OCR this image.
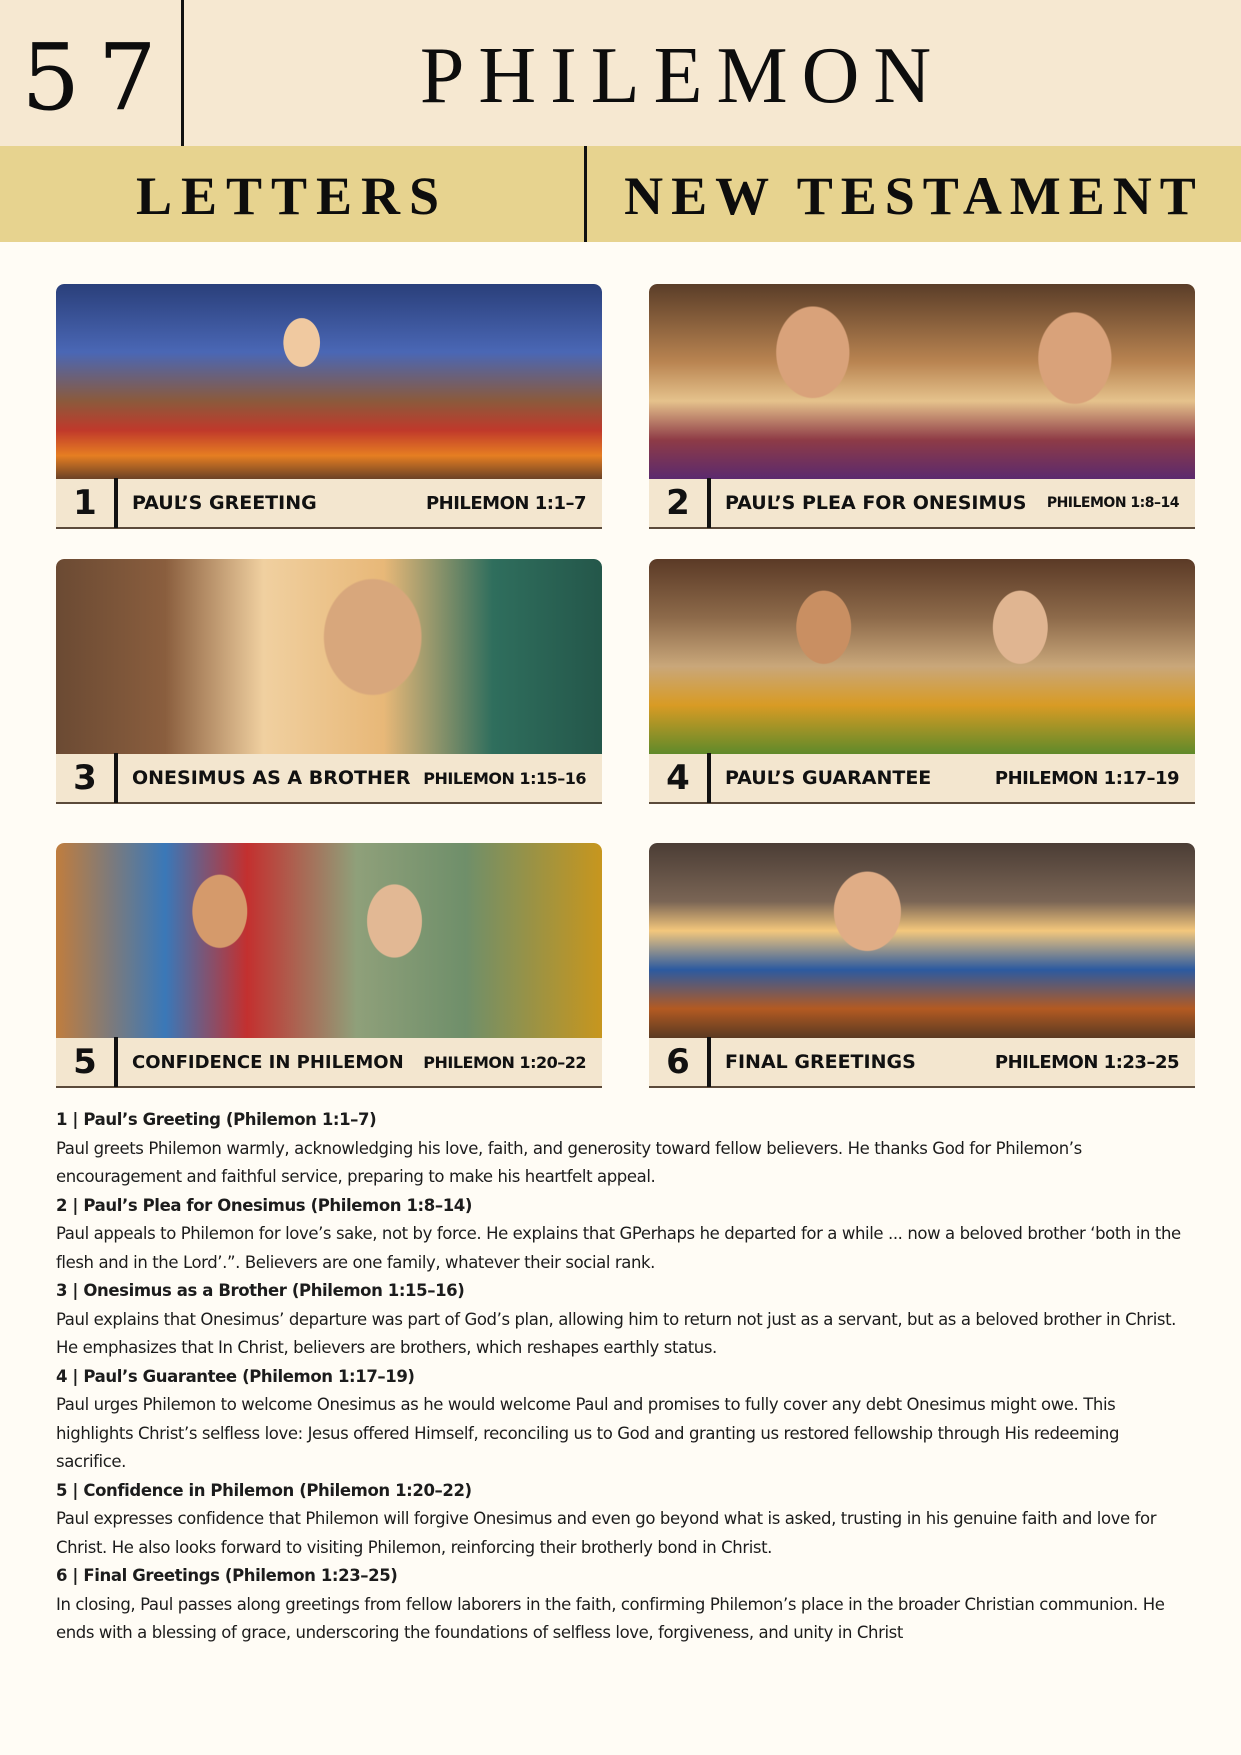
57	PHILEMON
LETTERS	NEW TESTAMENT
1	PAUL’S GREETING	PHILEMON 1:1–7	2	PAUL’S PLEA FOR ONESIMUS	PHILEMON 1:8–14
3	ONESIMUS AS A BROTHER PHILEMON 1:15–16	4	PAUL’S GUARANTEE	PHILEMON 1:17–19
5	CONFIDENCE IN PHILEMON	PHILEMON 1:20–22	6	FINAL GREETINGS	PHILEMON 1:23–25
1 | Paul’s Greeting (Philemon 1:1–7)
Paul greets Philemon warmly, acknowledging his love, faith, and generosity toward fellow believers. He thanks God for Philemon’s encouragement and faithful service, preparing to make his heartfelt appeal.
2 | Paul’s Plea for Onesimus (Philemon 1:8–14)
Paul appeals to Philemon for love’s sake, not by force. He explains that GPerhaps he departed for a while ... now a beloved brother ‘both in the flesh and in the Lord’.”. Believers are one family, whatever their social rank.
3 | Onesimus as a Brother (Philemon 1:15–16)
Paul explains that Onesimus’ departure was part of God’s plan, allowing him to return not just as a servant, but as a beloved brother in Christ. He emphasizes that In Christ, believers are brothers, which reshapes earthly status.
4 | Paul’s Guarantee (Philemon 1:17–19)
Paul urges Philemon to welcome Onesimus as he would welcome Paul and promises to fully cover any debt Onesimus might owe. This highlights Christ’s selfless love: Jesus offered Himself, reconciling us to God and granting us restored fellowship through His redeeming sacrifice.
5 | Confidence in Philemon (Philemon 1:20–22)
Paul expresses confidence that Philemon will forgive Onesimus and even go beyond what is asked, trusting in his genuine faith and love for Christ. He also looks forward to visiting Philemon, reinforcing their brotherly bond in Christ.
6 | Final Greetings (Philemon 1:23–25)
In closing, Paul passes along greetings from fellow laborers in the faith, confirming Philemon’s place in the broader Christian communion. He ends with a blessing of grace, underscoring the foundations of selfless love, forgiveness, and unity in Christ
